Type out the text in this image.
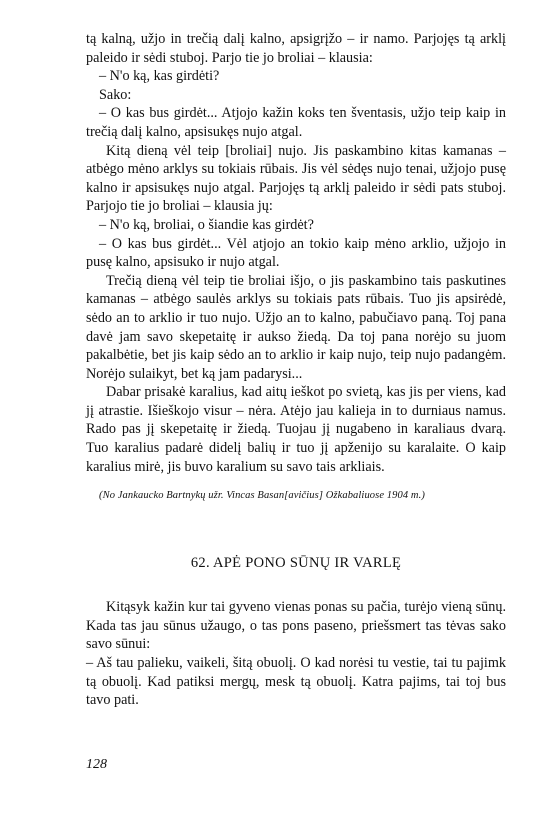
tą kalną, užjo in trečią dalį kalno, apsigrįžo – ir namo. Parjojęs tą arklį paleido ir sėdi stuboj. Parjo tie jo broliai – klausia:

– N'o ką, kas girdėti?

Sako:

– O kas bus girdėt... Atjojo kažin koks ten šventasis, užjo teip kaip in trečią dalį kalno, apsisukęs nujo atgal.

Kitą dieną vėl teip [broliai] nujo. Jis paskambino kitas kamanas – atbėgo mėno arklys su tokiais rūbais. Jis vėl sėdęs nujo tenai, užjojo pusę kalno ir apsisukęs nujo atgal. Parjojęs tą arklį paleido ir sėdi pats stuboj. Parjojo tie jo broliai – klausia jų:

– N'o ką, broliai, o šiandie kas girdėt?

– O kas bus girdėt... Vėl atjojo an tokio kaip mėno arklio, užjojo in pusę kalno, apsisuko ir nujo atgal.

Trečią dieną vėl teip tie broliai išjo, o jis paskambino tais paskutines kamanas – atbėgo saulės arklys su tokiais pats rūbais. Tuo jis apsirėdė, sėdo an to arklio ir tuo nujo. Užjo an to kalno, pabučiavo paną. Toj pana davė jam savo skepetaitę ir aukso žiedą. Da toj pana norėjo su juom pakalbėtie, bet jis kaip sėdo an to arklio ir kaip nujo, teip nujo padangėm. Norėjo sulaikyt, bet ką jam padarysi...

Dabar prisakė karalius, kad aitų ieškot po svietą, kas jis per viens, kad jį atrastie. Išieškojo visur – nėra. Atėjo jau kalieja in to durniaus namus. Rado pas jį skepetaitę ir žiedą. Tuojau jį nugabeno in karaliaus dvarą. Tuo karalius padarė didelį balių ir tuo jį apženijo su karalaite. O kaip karalius mirė, jis buvo karalium su savo tais arkliais.

(No Jankauсko Bartnykų užr. Vincas Basan[avičius] Ožkabaliuose 1904 m.)
62. APĖ PONO SŪNŲ IR VARLĘ

Kitąsyk kažin kur tai gyveno vienas ponas su pačia, turėjo vieną sūnų. Kada tas jau sūnus užaugo, o tas pons paseno, priešsmert tas tėvas sako savo sūnui:

– Aš tau palieku, vaikeli, šitą obuolį. O kad norėsi tu vestie, tai tu pajimk tą obuolį. Kad patiksi mergų, mesk tą obuolį. Katra pajims, tai toj bus tavo pati.

128
